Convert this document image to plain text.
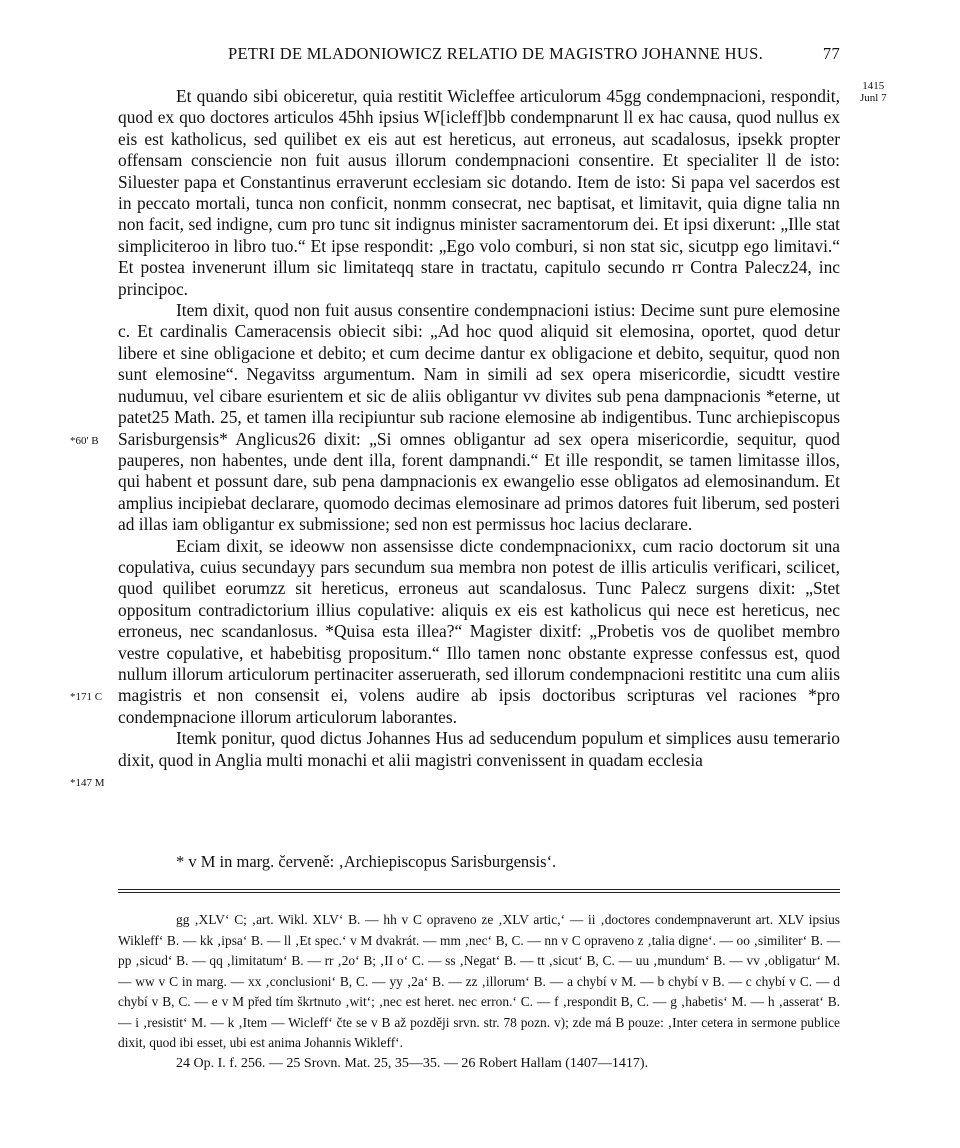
PETRI DE MLADONIOWICZ RELATIO DE MAGISTRO JOHANNE HUS.	77
1415
Junl 7
*60' B
*171 C
*147 M

Et quando sibi obiceretur, quia restitit Wicleffee articulorum 45gg condempnacioni, respondit, quod ex quo doctores articulos 45hh ipsius W[icleff]bb condempnarunt ll ex hac causa, quod nullus ex eis est katholicus, sed quilibet ex eis aut est hereticus, aut erroneus, aut scadalosus, ipsekk propter offensam consciencie non fuit ausus illorum condempnacioni consentire. Et specialiter ll de isto: Siluester papa et Constantinus erraverunt ecclesiam sic dotando. Item de isto: Si papa vel sacerdos est in peccato mortali, tunca non conficit, nonmm consecrat, nec baptisat, et limitavit, quia digne talia nn non facit, sed indigne, cum pro tunc sit indignus minister sacramentorum dei. Et ipsi dixerunt: „Ille stat simpliciteroo in libro tuo.“ Et ipse respondit: „Ego volo comburi, si non stat sic, sicutpp ego limitavi.“ Et postea invenerunt illum sic limitateqq stare in tractatu, capitulo secundo rr Contra Palecz24, inc principoc.

Item dixit, quod non fuit ausus consentire condempnacioni istius: Decime sunt pure elemosine c. Et cardinalis Cameracensis obiecit sibi: „Ad hoc quod aliquid sit elemosina, oportet, quod detur libere et sine obligacione et debito; et cum decime dantur ex obligacione et debito, sequitur, quod non sunt elemosine“. Negavitss argumentum. Nam in simili ad sex opera misericordie, sicudtt vestire nudumuu, vel cibare esurientem et sic de aliis obligantur vv divites sub pena dampnacionis *eterne, ut patet25 Math. 25, et tamen illa recipiuntur sub racione elemosine ab indigentibus. Tunc archiepiscopus Sarisburgensis* Anglicus26 dixit: „Si omnes obligantur ad sex opera misericordie, sequitur, quod pauperes, non habentes, unde dent illa, forent dampnandi.“ Et ille respondit, se tamen limitasse illos, qui habent et possunt dare, sub pena dampnacionis ex ewangelio esse obligatos ad elemosinandum. Et amplius incipiebat declarare, quomodo decimas elemosinare ad primos datores fuit liberum, sed posteri ad illas iam obligantur ex submissione; sed non est permissus hoc lacius declarare.

Eciam dixit, se ideoww non assensisse dicte condempnacionixx, cum racio doctorum sit una copulativa, cuius secundayy pars secundum sua membra non potest de illis articulis verificari, scilicet, quod quilibet eorumzz sit hereticus, erroneus aut scandalosus. Tunc Palecz surgens dixit: „Stet oppositum contradictorium illius copulative: aliquis ex eis est katholicus qui nece est hereticus, nec erroneus, nec scandanlosus. *Quisa esta illea?“ Magister dixitf: „Probetis vos de quolibet membro vestre copulative, et habebitisg propositum.“ Illo tamen nonc obstante expresse confessus est, quod nullum illorum articulorum pertinaciter asseruerath, sed illorum condempnacioni restititc una cum aliis magistris et non consensit ei, volens audire ab ipsis doctoribus scripturas vel raciones *pro condempnacione illorum articulorum laborantes.

Itemk ponitur, quod dictus Johannes Hus ad seducendum populum et simplices ausu temerario dixit, quod in Anglia multi monachi et alii magistri convenissent in quadam ecclesia

* v M in marg. červeně: ‚Archiepiscopus Sarisburgensis‘.

gg ‚XLV‘ C; ‚art. Wikl. XLV‘ B. — hh v C opraveno ze ‚XLV artic,‘ — ii ‚doctores condempnaverunt art. XLV ipsius Wikleff‘ B. — kk ‚ipsa‘ B. — ll ‚Et spec.‘ v M dvakrát. — mm ‚nec‘ B, C. — nn v C opraveno z ‚talia digne‘. — oo ‚similiter‘ B. — pp ‚sicud‘ B. — qq ‚limitatum‘ B. — rr ‚2o‘ B; ‚II o‘ C. — ss ‚Negat‘ B. — tt ‚sicut‘ B, C. — uu ‚mundum‘ B. — vv ‚obligatur‘ M. — ww v C in marg. — xx ‚conclusioni‘ B, C. — yy ‚2a‘ B. — zz ‚illorum‘ B. — a chybí v M. — b chybí v B. — c chybí v C. — d chybí v B, C. — e v M před tím škrtnuto ‚wit‘; ‚nec est heret. nec erron.‘ C. — f ‚respondit B, C. — g ‚habetis‘ M. — h ‚asserat‘ B. — i ‚resistit‘ M. — k ‚Item — Wicleff‘ čte se v B až později srvn. str. 78 pozn. v); zde má B pouze: ‚Inter cetera in sermone publice dixit, quod ibi esset, ubi est anima Johannis Wikleff‘.

24 Op. I. f. 256. — 25 Srovn. Mat. 25, 35—35. — 26 Robert Hallam (1407—1417).
